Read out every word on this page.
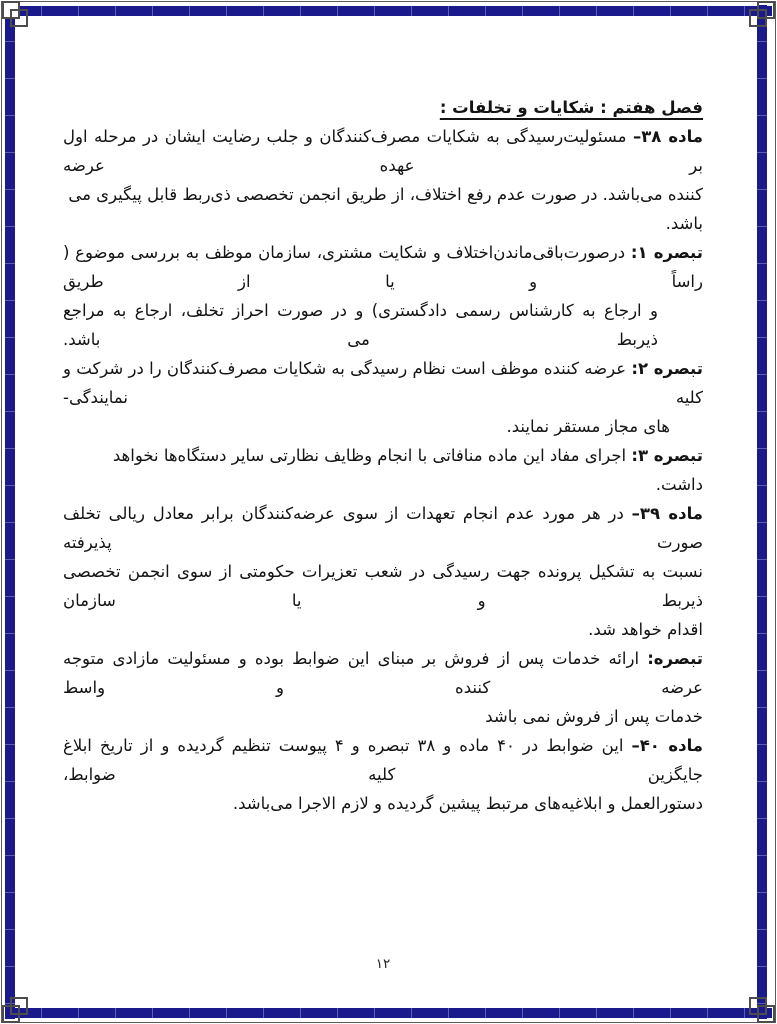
فصل هفتم : شکایات و تخلفات :
ماده ۳۸– مسئولیت‌رسیدگی به شکایات مصرف‌کنندگان و جلب رضایت ایشان در مرحله اول بر عهده عرضه
کننده می‌باشد. در صورت عدم رفع اختلاف، از طریق انجمن تخصصی ذی‌ربط قابل پیگیری می باشد.
تبصره ۱: درصورت‌باقی‌ماندن‌اختلاف و شکایت مشتری، سازمان موظف به بررسی موضوع ( راساً و یا از طریق
و ارجاع به کارشناس رسمی دادگستری) و در صورت احراز تخلف، ارجاع به مراجع ذیربط می باشد.
تبصره ۲: عرضه کننده موظف است نظام رسیدگی به شکایات مصرف‌کنندگان را در شرکت و کلیه نمایندگی‌-
های مجاز مستقر نمایند.
تبصره ۳: اجرای مفاد این ماده منافاتی با انجام وظایف نظارتی سایر دستگاه‌ها نخواهد داشت.
ماده ۳۹– در هر مورد عدم انجام تعهدات از سوی عرضه‌کنندگان برابر معادل ریالی تخلف صورت پذیرفته
نسبت به تشکیل پرونده جهت رسیدگی در شعب تعزیرات حکومتی از سوی انجمن تخصصی ذیربط و یا سازمان
اقدام خواهد شد.
تبصره: ارائه خدمات پس از فروش بر مبنای این ضوابط بوده و مسئولیت مازادی متوجه عرضه کننده و واسط
خدمات پس از فروش نمی باشد
ماده ۴۰– این ضوابط در ۴۰ ماده و ۳۸ تبصره و ۴ پیوست تنظیم گردیده و از تاریخ ابلاغ جایگزین کلیه ضوابط،
دستورالعمل و ابلاغیه‌های مرتبط پیشین گردیده و لازم الاجرا می‌باشد.
۱۲
